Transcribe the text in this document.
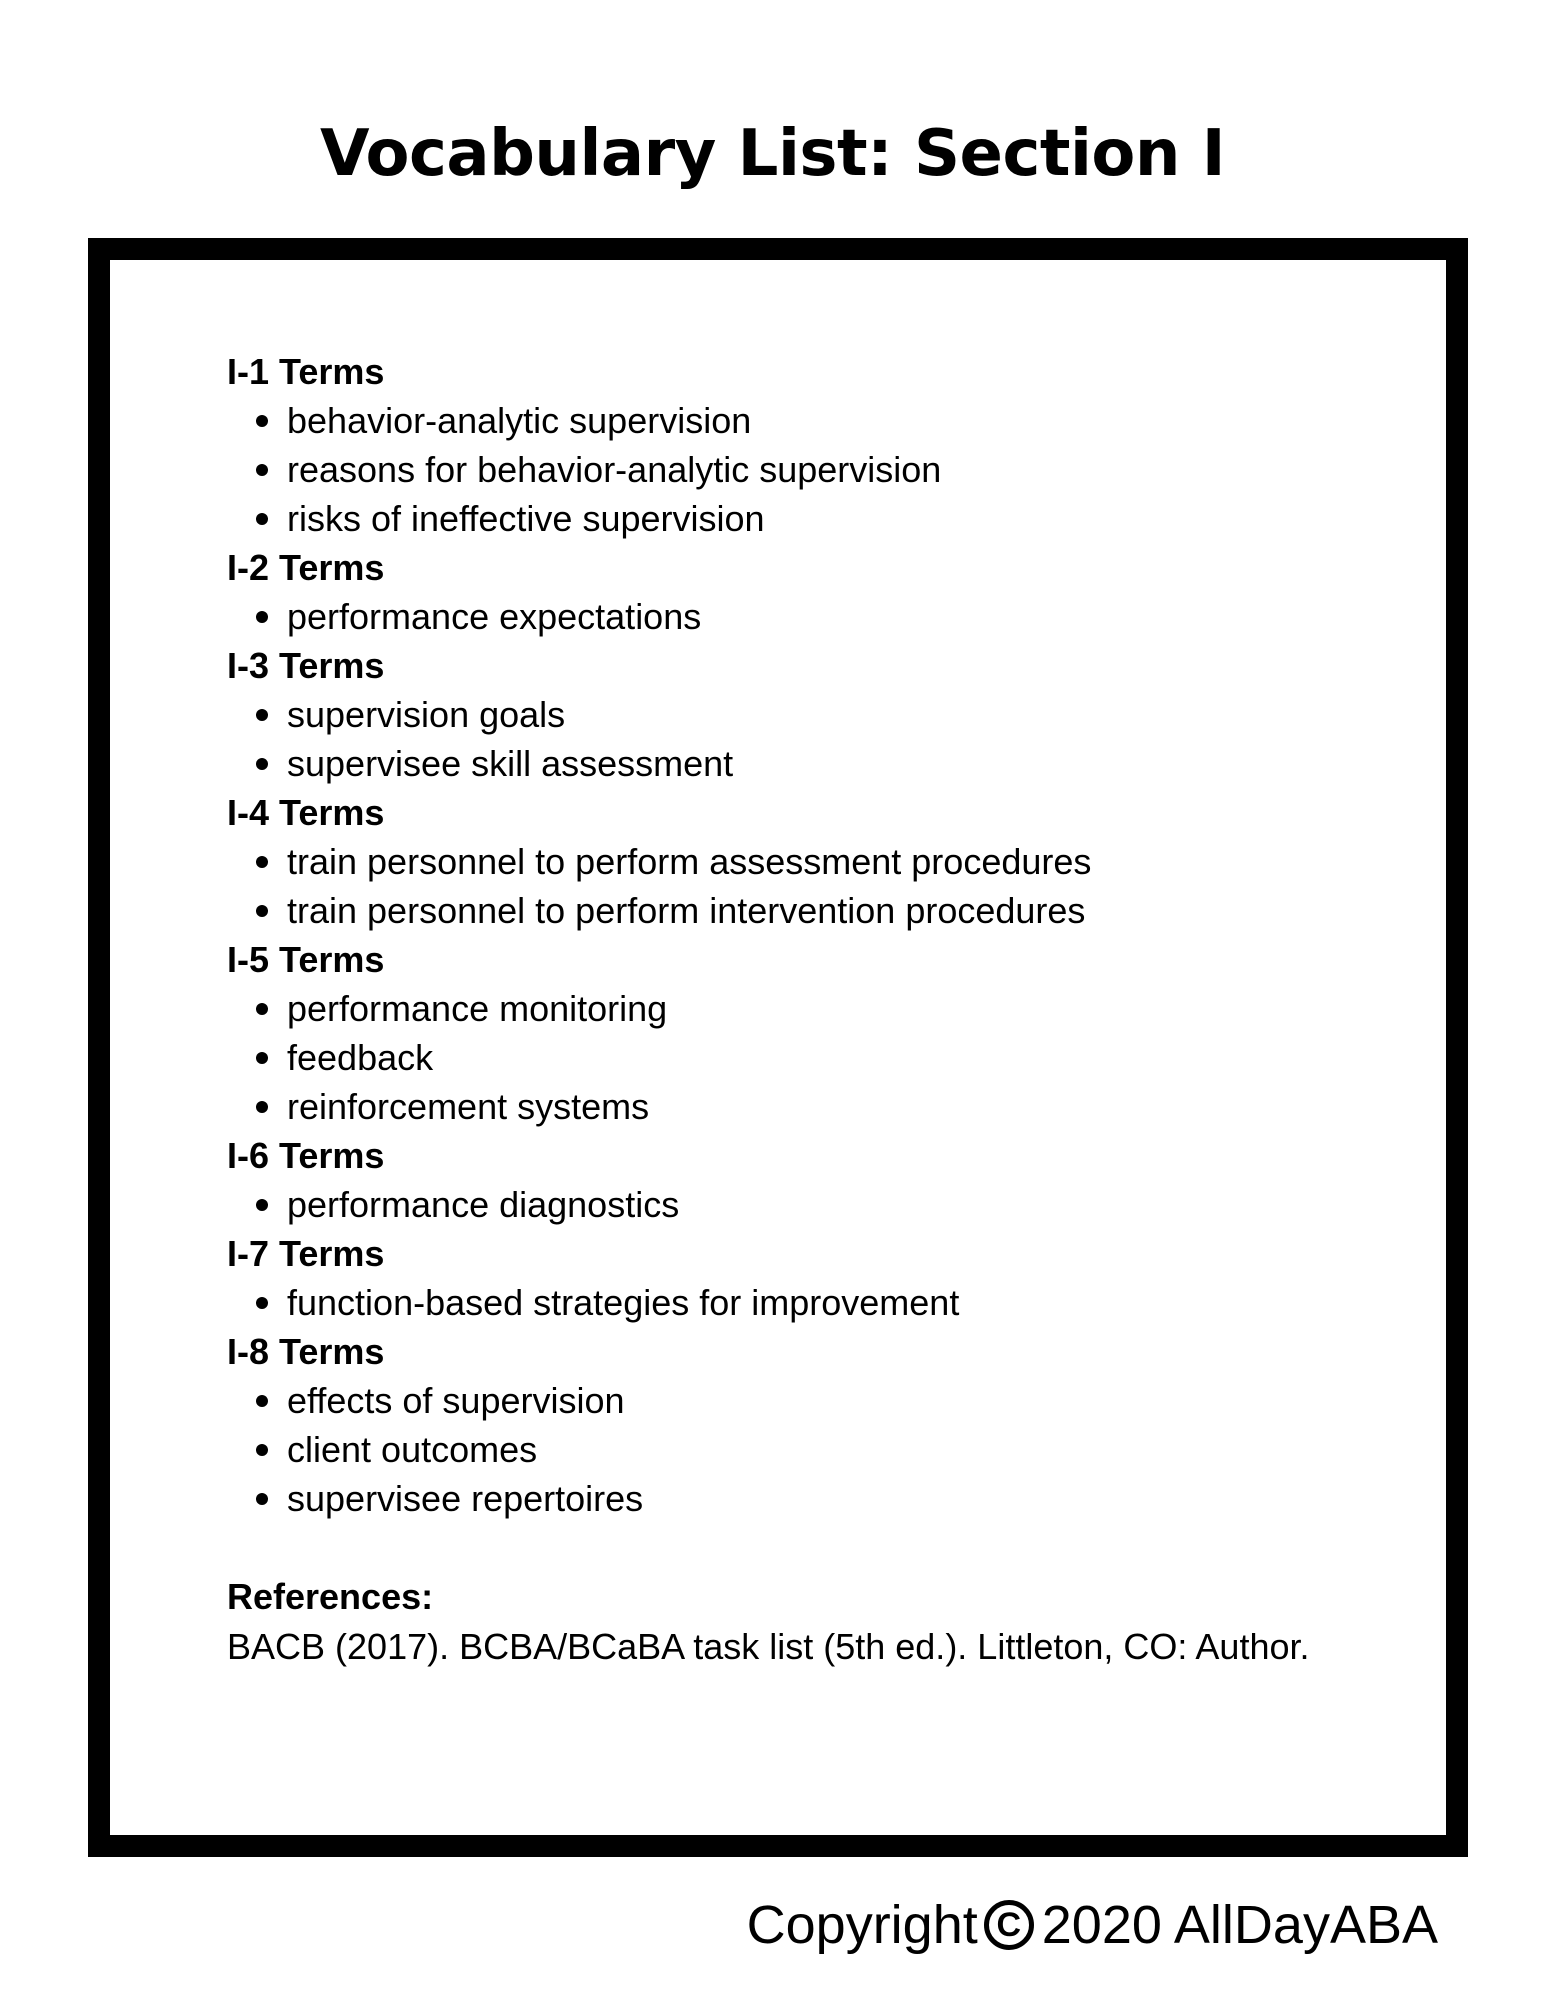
Vocabulary List: Section I
I-1 Terms
behavior-analytic supervision
reasons for behavior-analytic supervision
risks of ineffective supervision
I-2 Terms
performance expectations
I-3 Terms
supervision goals
supervisee skill assessment
I-4 Terms
train personnel to perform assessment procedures
train personnel to perform intervention procedures
I-5 Terms
performance monitoring
feedback
reinforcement systems
I-6 Terms
performance diagnostics
I-7 Terms
function-based strategies for improvement
I-8 Terms
effects of supervision
client outcomes
supervisee repertoires
References:
BACB (2017). BCBA/BCaBA task list (5th ed.). Littleton, CO: Author.
Copyright C 2020 AllDayABA
